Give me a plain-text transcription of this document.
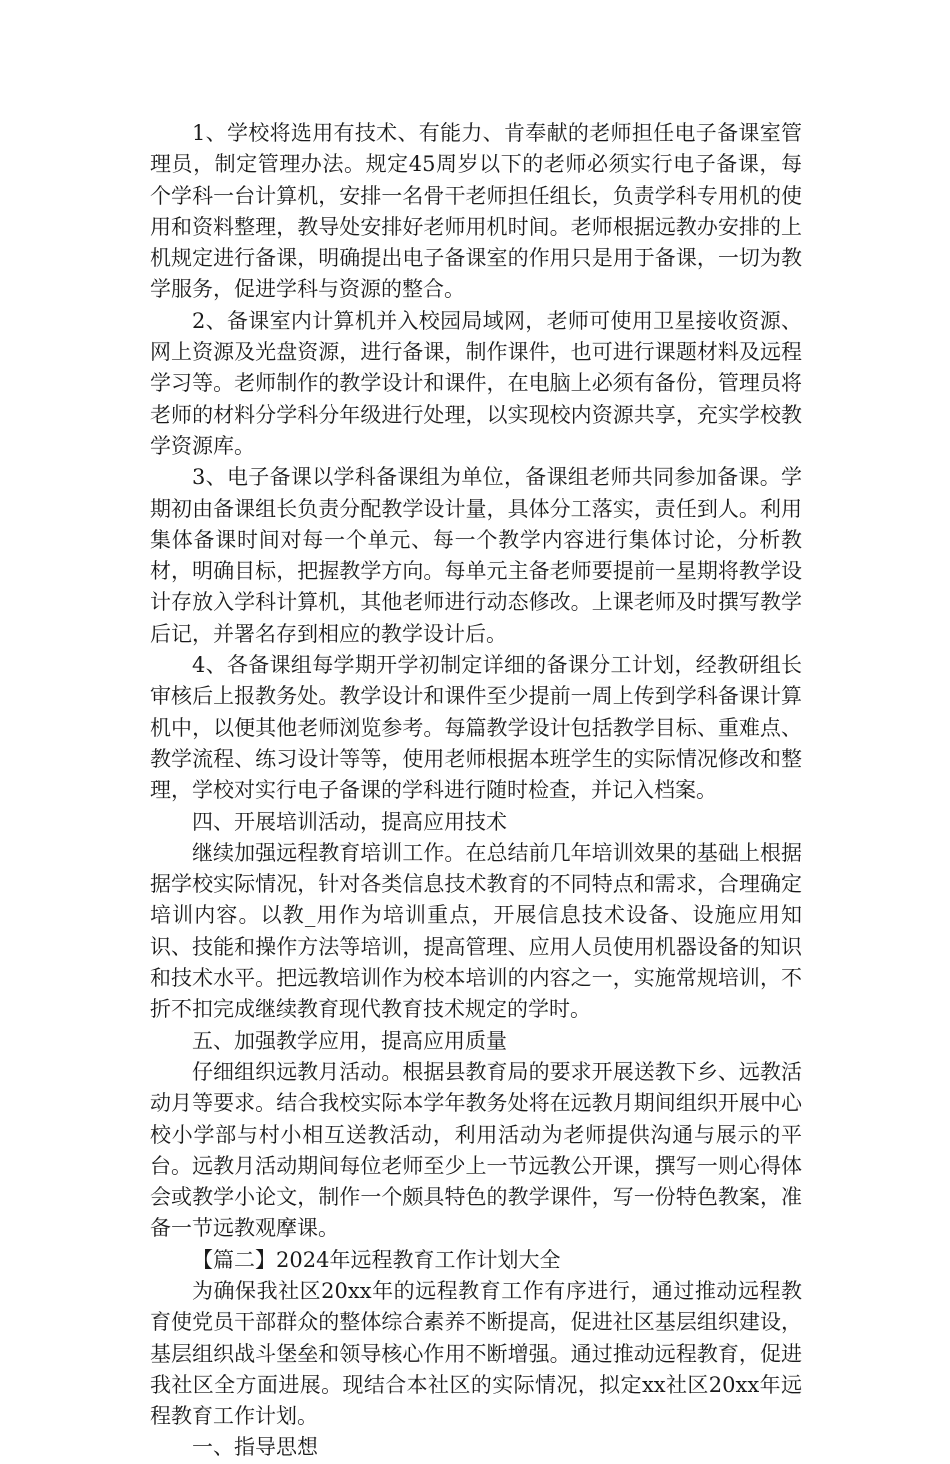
1、学校将选用有技术、有能力、肯奉献的老师担任电子备课室管理员，制定管理办法。规定45周岁以下的老师必须实行电子备课，每个学科一台计算机，安排一名骨干老师担任组长，负责学科专用机的使用和资料整理，教导处安排好老师用机时间。老师根据远教办安排的上机规定进行备课，明确提出电子备课室的作用只是用于备课，一切为教学服务，促进学科与资源的整合。

2、备课室内计算机并入校园局域网，老师可使用卫星接收资源、网上资源及光盘资源，进行备课，制作课件，也可进行课题材料及远程学习等。老师制作的教学设计和课件，在电脑上必须有备份，管理员将老师的材料分学科分年级进行处理，以实现校内资源共享，充实学校教学资源库。

3、电子备课以学科备课组为单位，备课组老师共同参加备课。学期初由备课组长负责分配教学设计量，具体分工落实，责任到人。利用集体备课时间对每一个单元、每一个教学内容进行集体讨论，分析教材，明确目标，把握教学方向。每单元主备老师要提前一星期将教学设计存放入学科计算机，其他老师进行动态修改。上课老师及时撰写教学后记，并署名存到相应的教学设计后。

4、各备课组每学期开学初制定详细的备课分工计划，经教研组长审核后上报教务处。教学设计和课件至少提前一周上传到学科备课计算机中，以便其他老师浏览参考。每篇教学设计包括教学目标、重难点、教学流程、练习设计等等，使用老师根据本班学生的实际情况修改和整理，学校对实行电子备课的学科进行随时检查，并记入档案。

四、开展培训活动，提高应用技术

继续加强远程教育培训工作。在总结前几年培训效果的基础上根据据学校实际情况，针对各类信息技术教育的不同特点和需求，合理确定培训内容。以教_用作为培训重点，开展信息技术设备、设施应用知识、技能和操作方法等培训，提高管理、应用人员使用机器设备的知识和技术水平。把远教培训作为校本培训的内容之一，实施常规培训，不折不扣完成继续教育现代教育技术规定的学时。

五、加强教学应用，提高应用质量

仔细组织远教月活动。根据县教育局的要求开展送教下乡、远教活动月等要求。结合我校实际本学年教务处将在远教月期间组织开展中心校小学部与村小相互送教活动，利用活动为老师提供沟通与展示的平台。远教月活动期间每位老师至少上一节远教公开课，撰写一则心得体会或教学小论文，制作一个颇具特色的教学课件，写一份特色教案，准备一节远教观摩课。

【篇二】2024年远程教育工作计划大全

为确保我社区20xx年的远程教育工作有序进行，通过推动远程教育使党员干部群众的整体综合素养不断提高，促进社区基层组织建设，基层组织战斗堡垒和领导核心作用不断增强。通过推动远程教育，促进我社区全方面进展。现结合本社区的实际情况，拟定xx社区20xx年远程教育工作计划。

一、指导思想
